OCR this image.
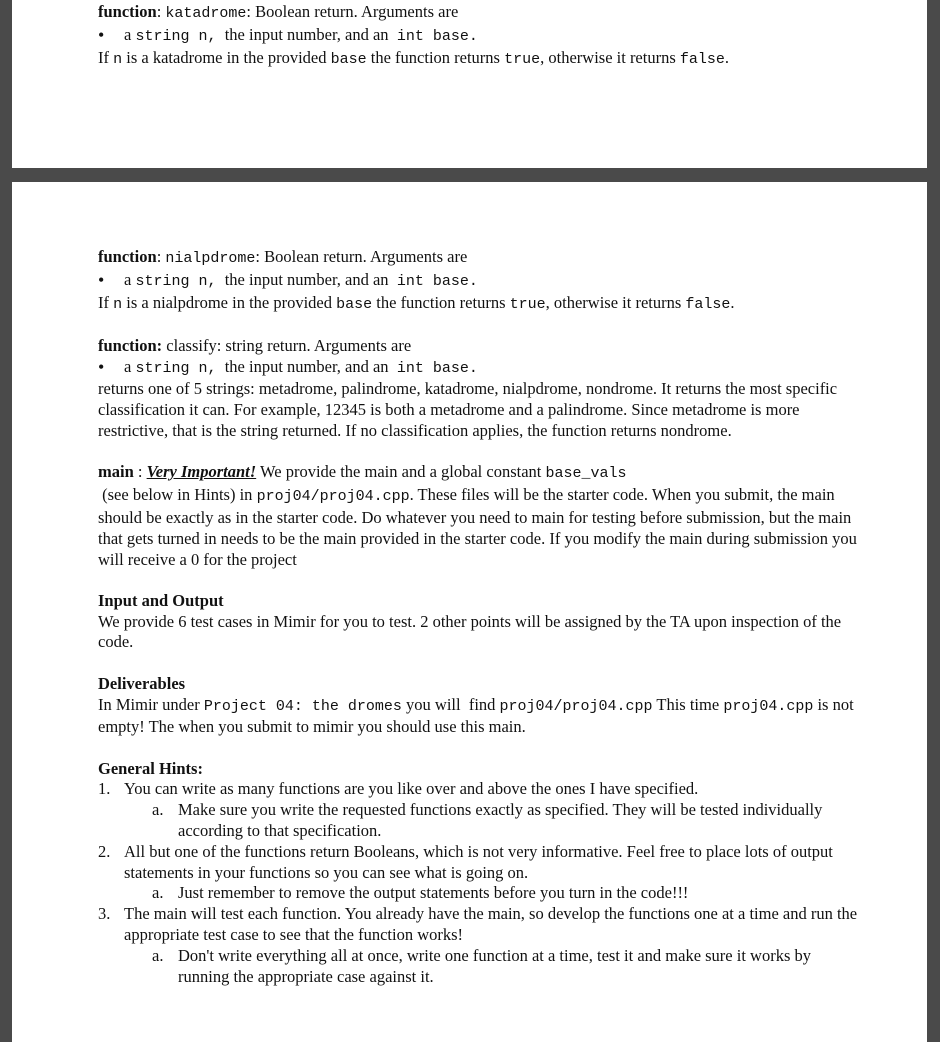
function: katadrome: Boolean return. Arguments are
• a string n,  the input number, and an  int base.
If n is a katadrome in the provided base the function returns true, otherwise it returns false.
function: nialpdrome: Boolean return. Arguments are
• a string n,  the input number, and an  int base.
If n is a nialpdrome in the provided base the function returns true, otherwise it returns false.
function: classify: string return. Arguments are
• a string n,  the input number, and an  int base.
returns one of 5 strings: metadrome, palindrome, katadrome, nialpdrome, nondrome. It returns the most specific classification it can. For example, 12345 is both a metadrome and a palindrome. Since metadrome is more restrictive, that is the string returned. If no classification applies, the function returns nondrome.
main : Very Important! We provide the main and a global constant base_vals (see below in Hints) in proj04/proj04.cpp. These files will be the starter code. When you submit, the main should be exactly as in the starter code. Do whatever you need to main for testing before submission, but the main that gets turned in needs to be the main provided in the starter code. If you modify the main during submission you will receive a 0 for the project
Input and Output
We provide 6 test cases in Mimir for you to test. 2 other points will be assigned by the TA upon inspection of the code.
Deliverables
In Mimir under Project 04: the dromes you will  find proj04/proj04.cpp This time proj04.cpp is not empty! The when you submit to mimir you should use this main.
General Hints:
1. You can write as many functions are you like over and above the ones I have specified.
a. Make sure you write the requested functions exactly as specified. They will be tested individually according to that specification.
2. All but one of the functions return Booleans, which is not very informative. Feel free to place lots of output statements in your functions so you can see what is going on.
a. Just remember to remove the output statements before you turn in the code!!!
3. The main will test each function. You already have the main, so develop the functions one at a time and run the appropriate test case to see that the function works!
a. Don't write everything all at once, write one function at a time, test it and make sure it works by running the appropriate case against it.
